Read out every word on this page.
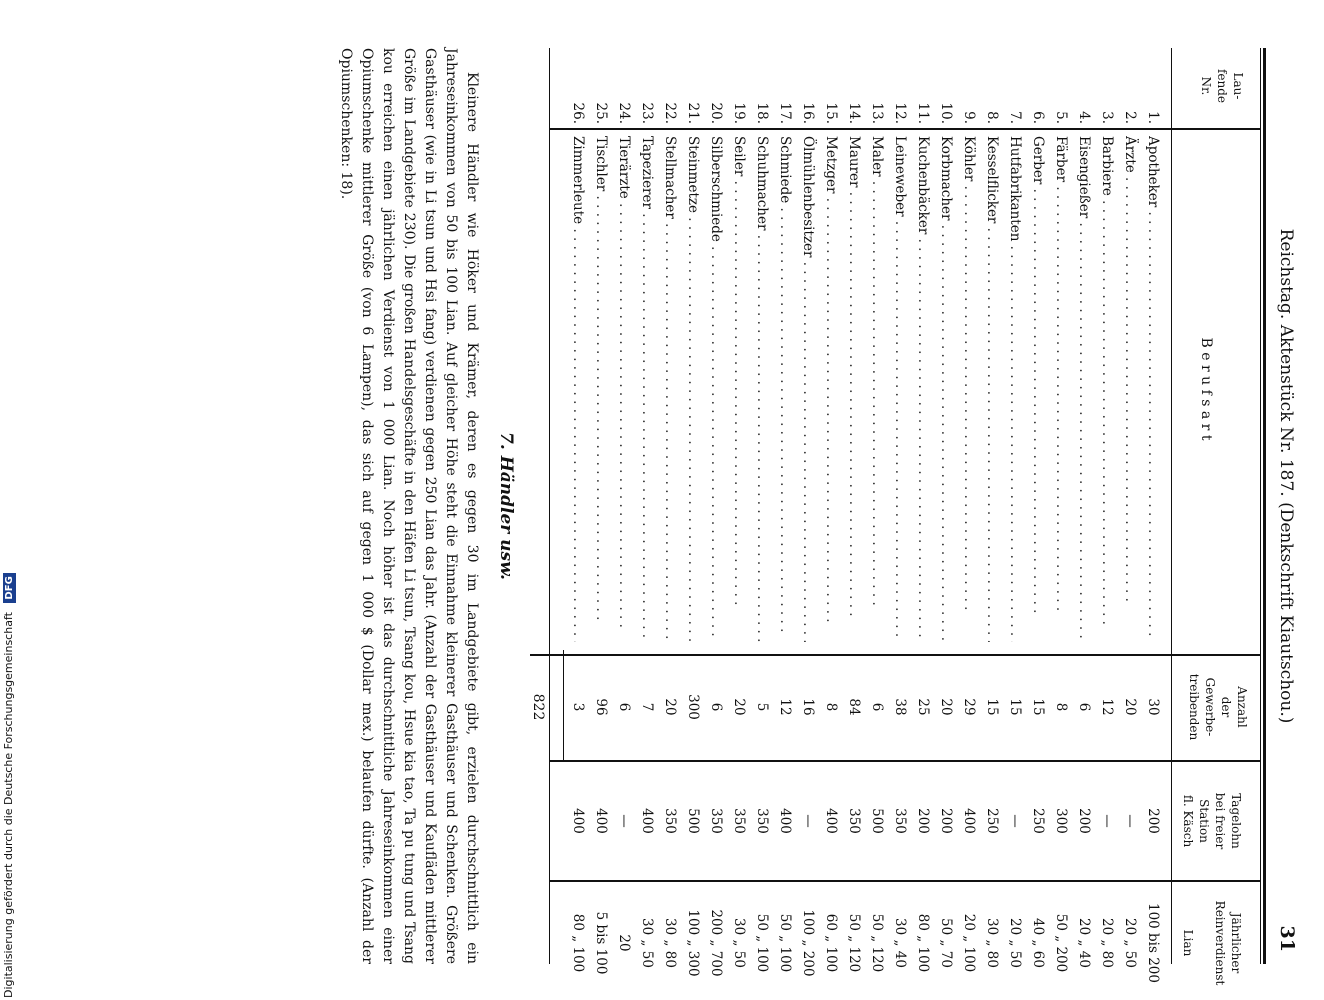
Reichstag. Aktenstück Nr. 187. (Denkschrift Kiautschou.)
31
Lau-
fende
Nr.
B e r u f s a r t
Anzahl
der
Gewerbe-
treibenden
Tagelohn
bei freier Station
fl. Käsch
Jährlicher
Reinverdienst
Lian
1.
Apotheker . . .
30
200
100 bis 200
2.
Ärzte . . .
20
—
20 „ 50
3.
Barbiere . . .
12
—
20 „ 80
4.
Eisengießer . . .
6
200
20 „ 40
5.
Färber . . .
8
300
50 „ 200
6.
Gerber . . .
15
250
40 „ 60
7.
Hutfabrikanten . . .
15
—
20 „ 50
8.
Kesselflicker . . .
15
250
30 „ 80
9.
Köhler . . .
29
400
20 „ 100
10.
Korbmacher . . .
20
200
50 „ 70
11.
Kuchenbäcker . . .
25
200
80 „ 100
12.
Leineweber . . .
38
350
30 „ 40
13.
Maler . . .
6
500
50 „ 120
14.
Maurer . . .
84
350
50 „ 120
15.
Metzger . . .
8
400
60 „ 100
16.
Ölmühlenbesitzer . . .
16
—
100 „ 200
17.
Schmiede . . .
12
400
50 „ 100
18.
Schuhmacher . . .
5
350
50 „ 100
19.
Seiler . . .
20
350
30 „ 50
20.
Silberschmiede . . .
6
350
200 „ 700
21.
Steinmetze . . .
300
500
100 „ 300
22.
Stellmacher . . .
20
350
30 „ 80
23.
Tapezierer . . .
7
400
30 „ 50
24.
Tierärzte . . .
6
—
20
25.
Tischler . . .
96
400
5 bis 100
26.
Zimmerleute . . .
3
400
80 „ 100
822
7. Händler usw.
Kleinere Händler wie Höker und Krämer, deren es gegen 30 im Landgebiete gibt, erzielen durchschnittlich ein Jahreseinkommen von 50 bis 100 Lian. Auf gleicher Höhe steht die Einnahme kleinerer Gasthäuser und Schenken. Größere Gasthäuser (wie in Li tsun und Hsi fang) verdienen gegen 250 Lian das Jahr. (Anzahl der Gasthäuser und Kaufläden mittlerer Größe im Landgebiete 230). Die großen Handelsgeschäfte in den Häfen Li tsun, Tsang kou, Hsue kia tao, Ta pu tung und Tsang kou erreichen einen jährlichen Verdienst von 1 000 Lian. Noch höher ist das durchschnittliche Jahreseinkommen einer Opiumschenke mittlerer Größe (von 6 Lampen), das sich auf gegen 1 000 $ (Dollar mex.) belaufen dürfte. (Anzahl der Opiumschenken: 18).
Digitalisierung gefördert durch die Deutsche Forschungsgemeinschaft DFG
